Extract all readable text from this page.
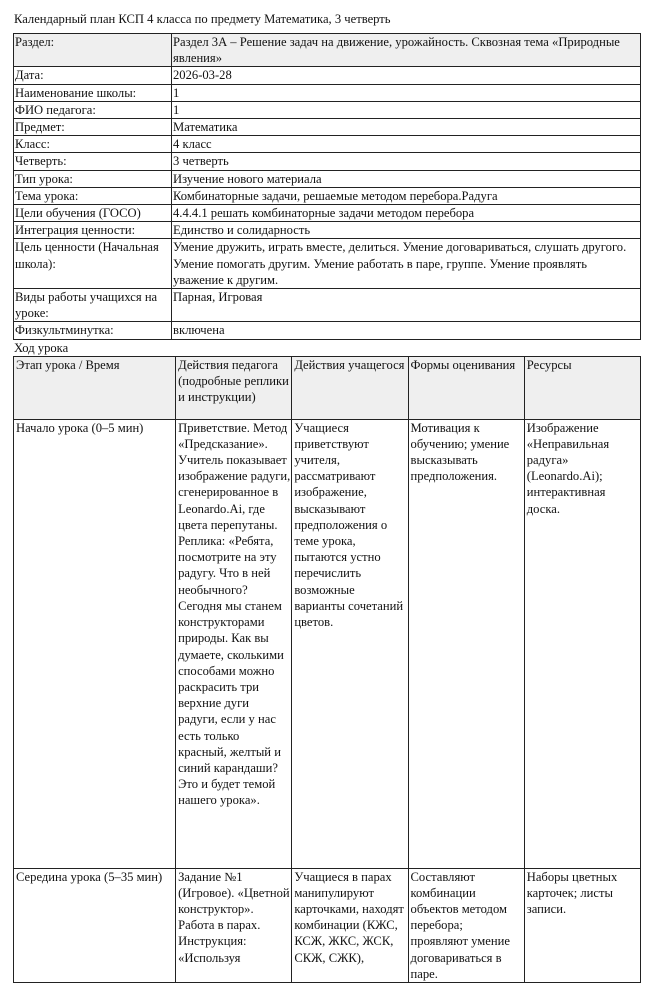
Календарный план КСП 4 класса по предмету Математика, 3 четверть
Раздел:	Раздел 3А – Решение задач на движение, урожайность. Сквозная тема «Природные явления»
Дата:	2026-03-28
Наименование школы:	1
ФИО педагога:	1
Предмет:	Математика
Класс:	4 класс
Четверть:	3 четверть
Тип урока:	Изучение нового материала
Тема урока:	Комбинаторные задачи, решаемые методом перебора.Радуга
Цели обучения (ГОСО)	4.4.4.1 решать комбинаторные задачи методом перебора
Интеграция ценности:	Единство и солидарность
Цель ценности (Начальная школа):	Умение дружить, играть вместе, делиться. Умение договариваться, слушать другого. Умение помогать другим. Умение работать в паре, группе. Умение проявлять уважение к другим.
Виды работы учащихся на уроке:	Парная, Игровая
Физкультминутка:	включена
Ход урока
Этап урока / Время	Действия педагога (подробные реплики и инструкции)	Действия учащегося	Формы оценивания	Ресурсы
Начало урока (0–5 мин)	Приветствие. Метод «Предсказание». Учитель показывает изображение радуги, сгенерированное в Leonardo.Ai, где цвета перепутаны. Реплика: «Ребята, посмотрите на эту радугу. Что в ней необычного? Сегодня мы станем конструкторами природы. Как вы думаете, сколькими способами можно раскрасить три верхние дуги радуги, если у нас есть только красный, желтый и синий карандаши? Это и будет темой нашего урока».	Учащиеся приветствуют учителя, рассматривают изображение, высказывают предположения о теме урока, пытаются устно перечислить возможные варианты сочетаний цветов.	Мотивация к обучению; умение высказывать предположения.	Изображение «Неправильная радуга» (Leonardo.Ai); интерактивная доска.
Середина урока (5–35 мин)	Задание №1 (Игровое). «Цветной конструктор». Работа в парах. Инструкция: «Используя	Учащиеся в парах манипулируют карточками, находят комбинации (КЖС, КСЖ, ЖКС, ЖСК, СКЖ, СЖК),	Составляют комбинации объектов методом перебора; проявляют умение договариваться в паре.	Наборы цветных карточек; листы записи.
